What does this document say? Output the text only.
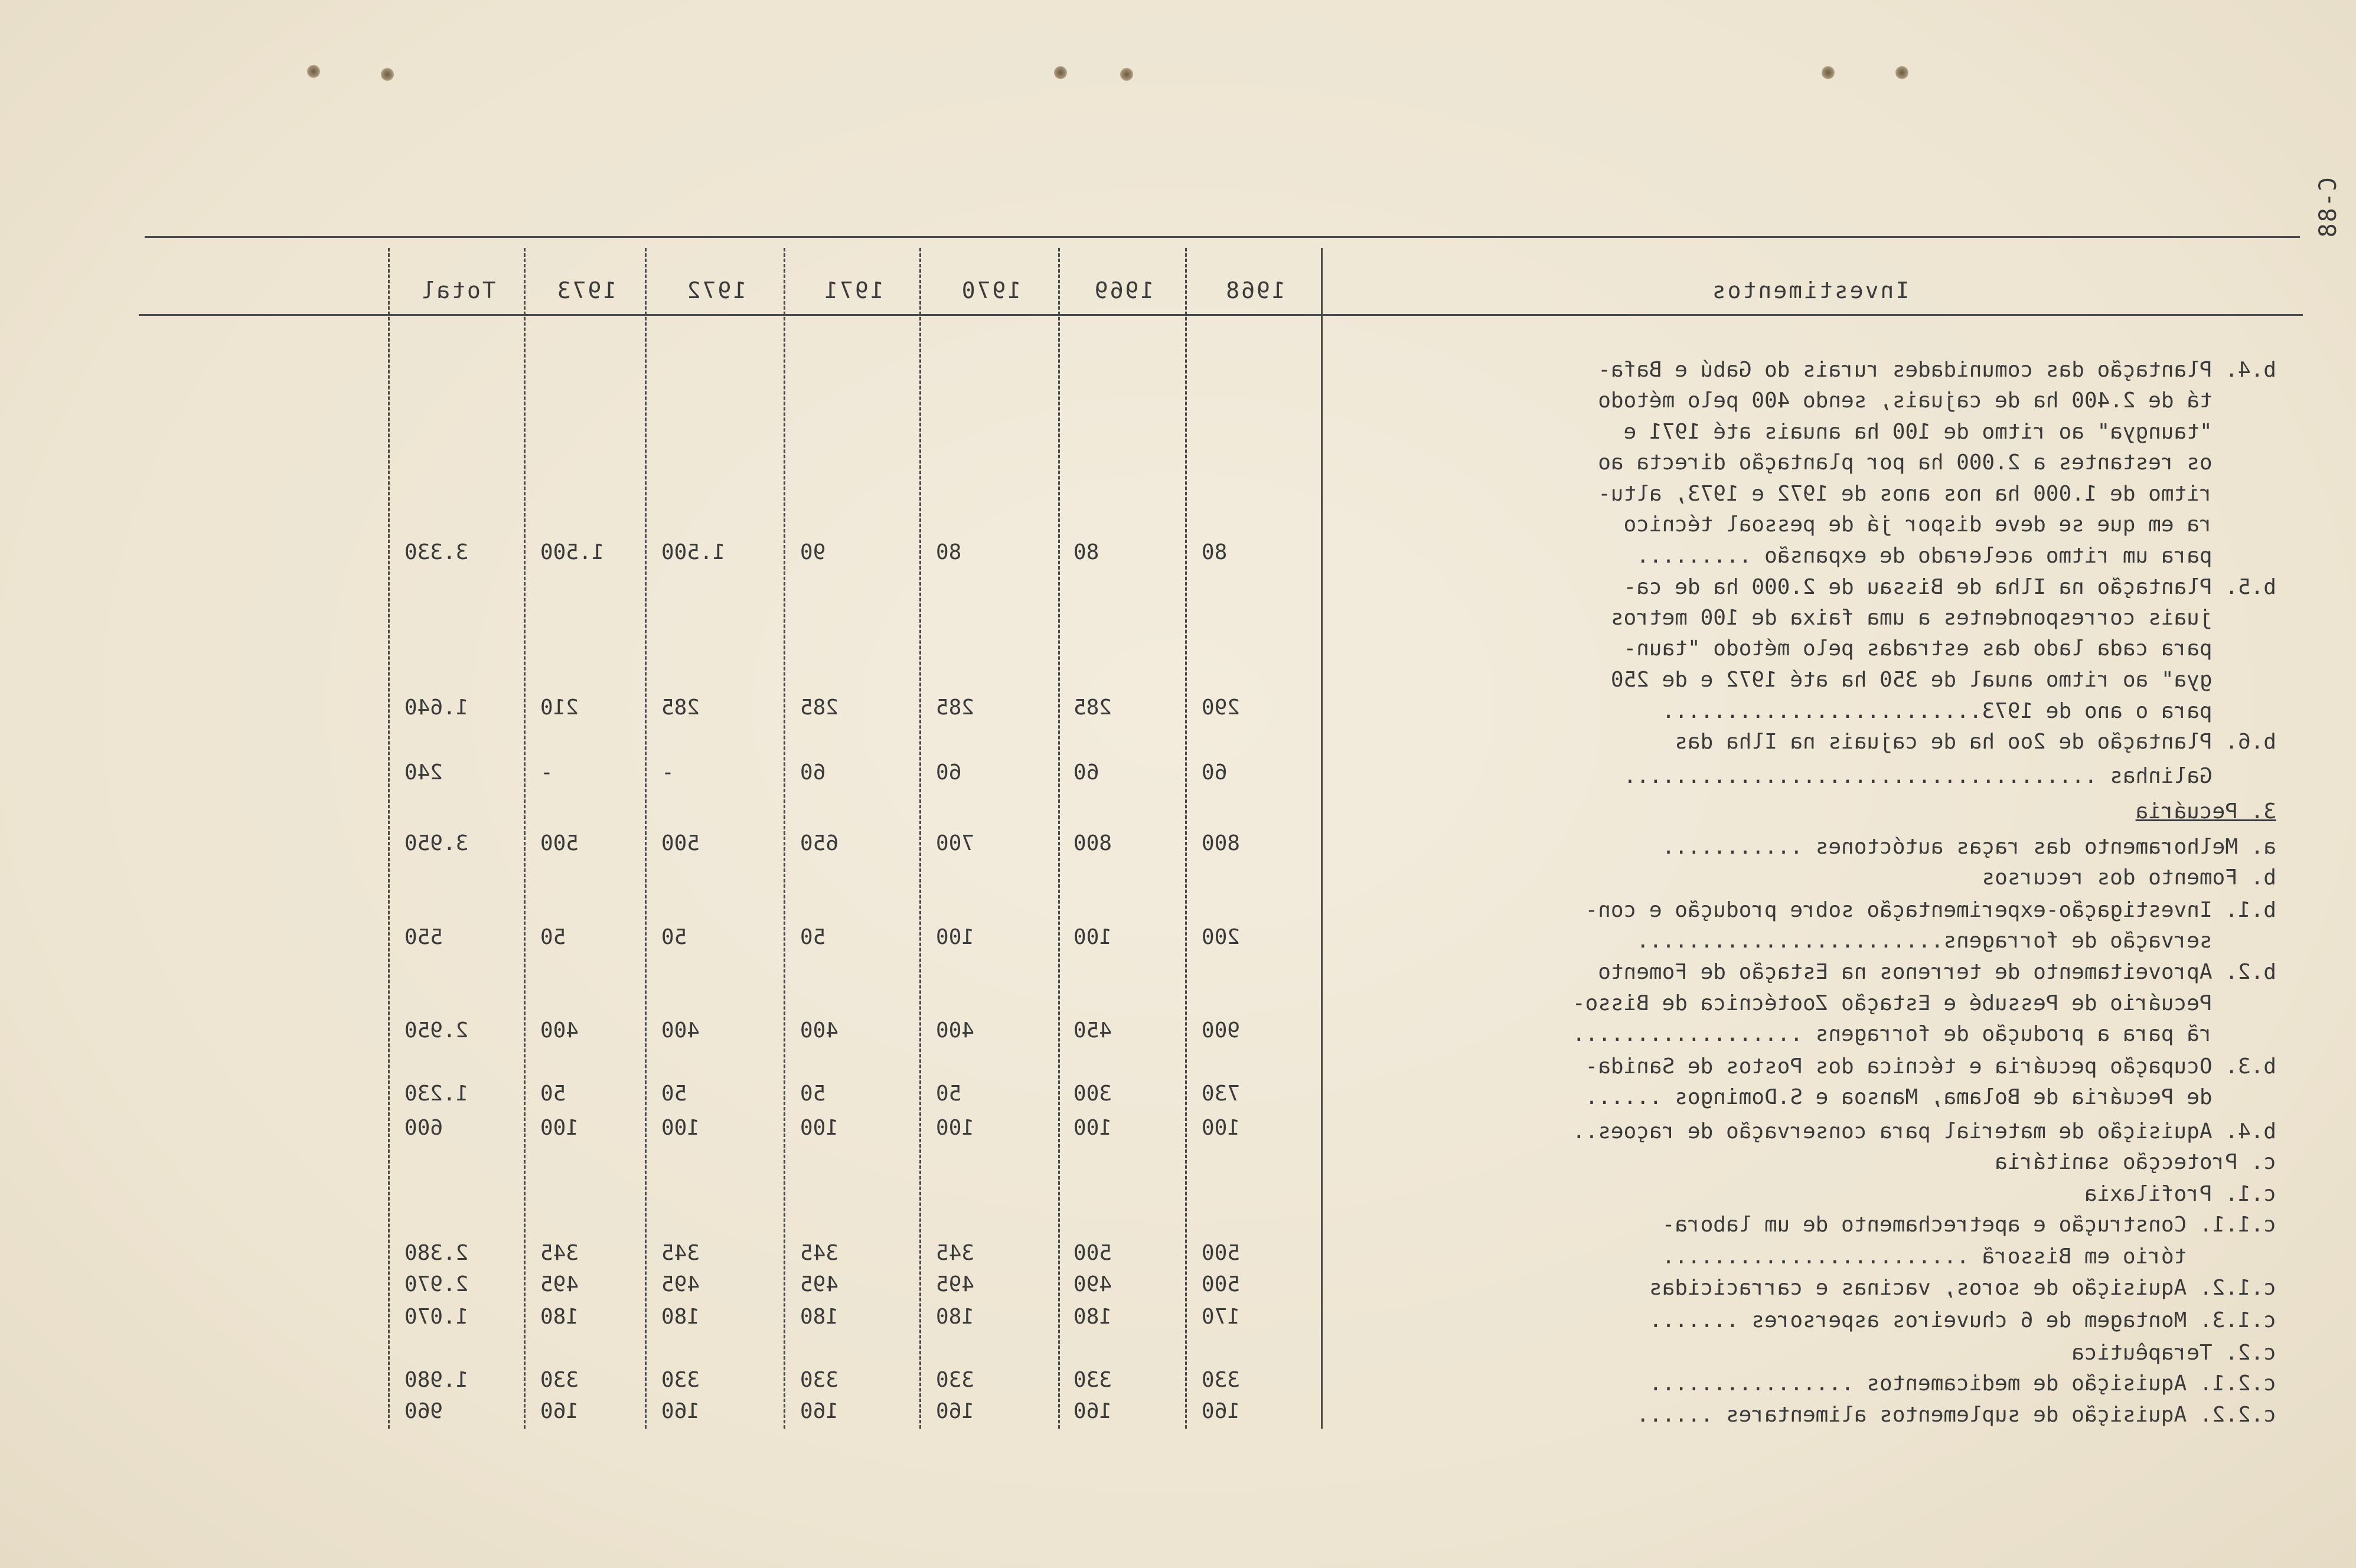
C-88
Investimentos
1968
1969
1970
1971
1972
1973
Total
b.4. Plantação das comunidades rurais do Gabú e Bafa-
tá de 2.400 ha de cajuais, sendo 400 pelo método
"taungya" ao ritmo de 100 ha anuais até 1971 e
os restantes a 2.000 ha por plantação directa ao
ritmo de 1.000 ha nos anos de 1972 e 1973, altu-
ra em que se deve dispor já de pessoal técnico
para um ritmo acelerado de expansão .........
80
80
80
90
1.500
1.500
3.330
b.5. Plantação na Ilha de Bissau de 2.000 ha de ca-
juais correspondentes a uma faixa de 100 metros
para cada lado das estradas pelo método "taun-
gya" ao ritmo anual de 350 ha até 1972 e de 250
para o ano de 1973.........................
290
285
285
285
285
210
1.640
b.6. Plantação de 2oo ha de cajuais na Ilha das
Galinhas .....................................
60
60
60
60
-
-
240
3. Pecuária
a. Melhoramento das raças autóctones ...........
800
800
700
650
500
500
3.950
b. Fomento dos recursos
b.1. Investigação-experimentação sobre produção e con-
servação de forragens........................
200
100
100
50
50
50
550
b.2. Aproveitamento de terrenos na Estação de Fomento
Pecuário de Pessubé e Estação Zootécnica de Bisso-
rã para a produção de forragens ..................
900
450
400
400
400
400
2.950
b.3. Ocupação pecuária e técnica dos Postos de Sanida-
de Pecuária de Bolama, Mansoa e S.Domingos ......
730
300
50
50
50
50
1.230
b.4. Aquisição de material para conservação de raçoes..
100
100
100
100
100
100
600
c. Protecção sanitária
c.1. Profilaxia
c.1.1. Construção e apetrechamento de um labora-
tório em Bissorã ........................
500
500
345
345
345
345
2.380
c.1.2. Aquisição de soros, vacinas e carracicidas
500
490
495
495
495
495
2.970
c.1.3. Montagem de 6 chuveiros aspersores .......
170
180
180
180
180
180
1.070
c.2. Terapêutica
c.2.1. Aquisição de medicamentos ................
330
330
330
330
330
330
1.980
c.2.2. Aquisição de suplementos alimentares ......
160
160
160
160
160
160
960
